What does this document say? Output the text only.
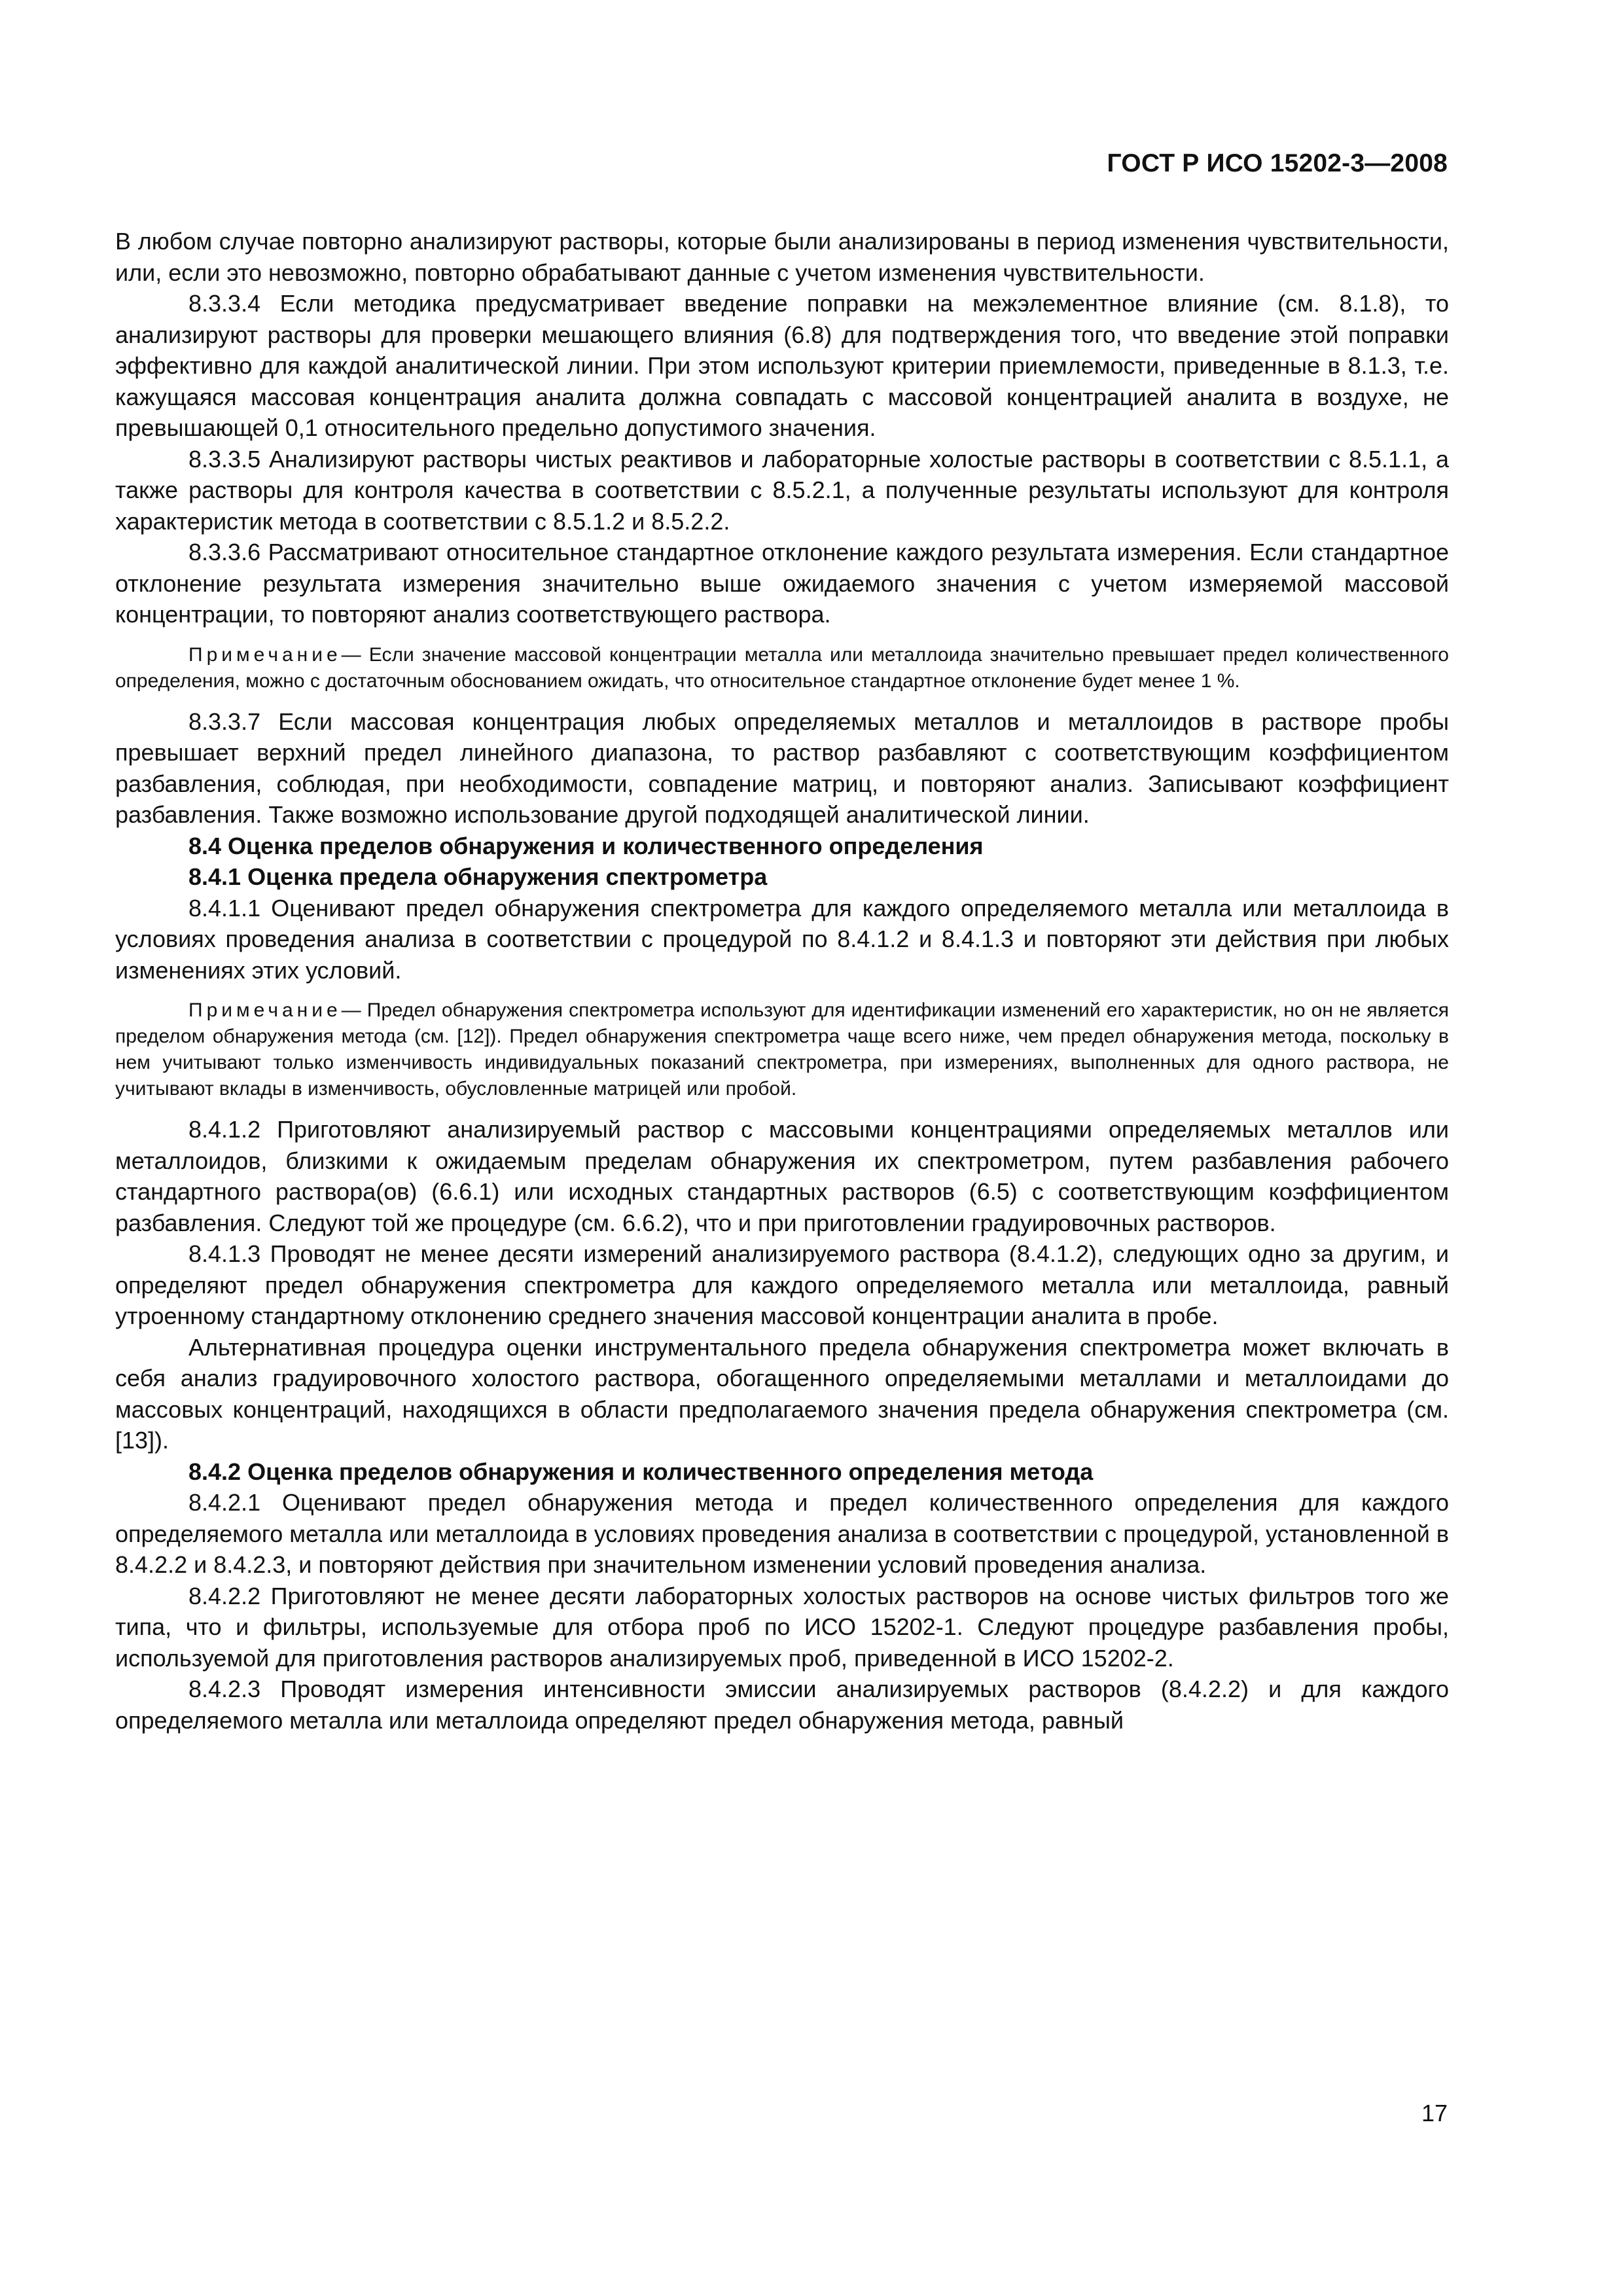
ГОСТ Р ИСО 15202-3—2008

В любом случае повторно анализируют растворы, которые были анализированы в период изменения чувствительности, или, если это невозможно, повторно обрабатывают данные с учетом изменения чувствительности.

8.3.3.4 Если методика предусматривает введение поправки на межэлементное влияние (см. 8.1.8), то анализируют растворы для проверки мешающего влияния (6.8) для подтверждения того, что введение этой поправки эффективно для каждой аналитической линии. При этом используют критерии приемлемости, приведенные в 8.1.3, т.е. кажущаяся массовая концентрация аналита должна совпадать с массовой концентрацией аналита в воздухе, не превышающей 0,1 относительного предельно допустимого значения.

8.3.3.5 Анализируют растворы чистых реактивов и лабораторные холостые растворы в соответствии с 8.5.1.1, а также растворы для контроля качества в соответствии с 8.5.2.1, а полученные результаты используют для контроля характеристик метода в соответствии с 8.5.1.2 и 8.5.2.2.

8.3.3.6 Рассматривают относительное стандартное отклонение каждого результата измерения. Если стандартное отклонение результата измерения значительно выше ожидаемого значения с учетом измеряемой массовой концентрации, то повторяют анализ соответствующего раствора.

Примечание— Если значение массовой концентрации металла или металлоида значительно превышает предел количественного определения, можно с достаточным обоснованием ожидать, что относительное стандартное отклонение будет менее 1 %.

8.3.3.7 Если массовая концентрация любых определяемых металлов и металлоидов в растворе пробы превышает верхний предел линейного диапазона, то раствор разбавляют с соответствующим коэффициентом разбавления, соблюдая, при необходимости, совпадение матриц, и повторяют анализ. Записывают коэффициент разбавления. Также возможно использование другой подходящей аналитической линии.

8.4 Оценка пределов обнаружения и количественного определения
8.4.1 Оценка предела обнаружения спектрометра

8.4.1.1 Оценивают предел обнаружения спектрометра для каждого определяемого металла или металлоида в условиях проведения анализа в соответствии с процедурой по 8.4.1.2 и 8.4.1.3 и повторяют эти действия при любых изменениях этих условий.

Примечание— Предел обнаружения спектрометра используют для идентификации изменений его характеристик, но он не является пределом обнаружения метода (см. [12]). Предел обнаружения спектрометра чаще всего ниже, чем предел обнаружения метода, поскольку в нем учитывают только изменчивость индивидуальных показаний спектрометра, при измерениях, выполненных для одного раствора, не учитывают вклады в изменчивость, обусловленные матрицей или пробой.

8.4.1.2 Приготовляют анализируемый раствор с массовыми концентрациями определяемых металлов или металлоидов, близкими к ожидаемым пределам обнаружения их спектрометром, путем разбавления рабочего стандартного раствора(ов) (6.6.1) или исходных стандартных растворов (6.5) с соответствующим коэффициентом разбавления. Следуют той же процедуре (см. 6.6.2), что и при приготовлении градуировочных растворов.

8.4.1.3 Проводят не менее десяти измерений анализируемого раствора (8.4.1.2), следующих одно за другим, и определяют предел обнаружения спектрометра для каждого определяемого металла или металлоида, равный утроенному стандартному отклонению среднего значения массовой концентрации аналита в пробе.

Альтернативная процедура оценки инструментального предела обнаружения спектрометра может включать в себя анализ градуировочного холостого раствора, обогащенного определяемыми металлами и металлоидами до массовых концентраций, находящихся в области предполагаемого значения предела обнаружения спектрометра (см. [13]).

8.4.2 Оценка пределов обнаружения и количественного определения метода

8.4.2.1 Оценивают предел обнаружения метода и предел количественного определения для каждого определяемого металла или металлоида в условиях проведения анализа в соответствии с процедурой, установленной в 8.4.2.2 и 8.4.2.3, и повторяют действия при значительном изменении условий проведения анализа.

8.4.2.2 Приготовляют не менее десяти лабораторных холостых растворов на основе чистых фильтров того же типа, что и фильтры, используемые для отбора проб по ИСО 15202-1. Следуют процедуре разбавления пробы, используемой для приготовления растворов анализируемых проб, приведенной в ИСО 15202-2.

8.4.2.3 Проводят измерения интенсивности эмиссии анализируемых растворов (8.4.2.2) и для каждого определяемого металла или металлоида определяют предел обнаружения метода, равный

17
